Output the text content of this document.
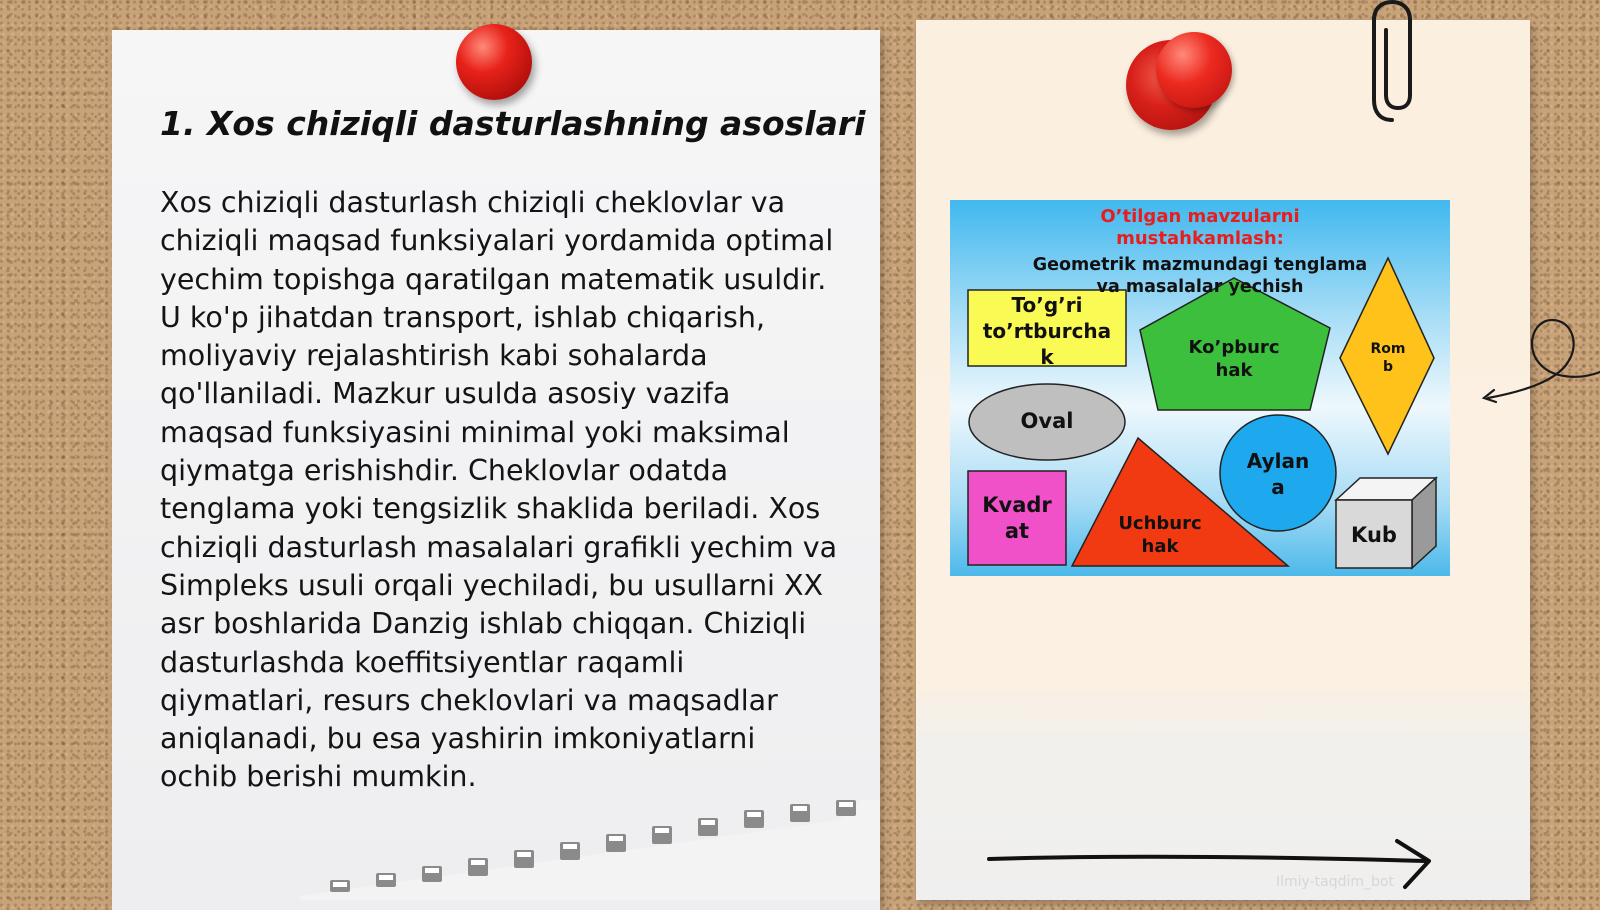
1. Xos chiziqli dasturlashning asoslari

Xos chiziqli dasturlash chiziqli cheklovlar va chiziqli maqsad funksiyalari yordamida optimal yechim topishga qaratilgan matematik usuldir. U ko'p jihatdan transport, ishlab chiqarish, moliyaviy rejalashtirish kabi sohalarda qo'llaniladi. Mazkur usulda asosiy vazifa maqsad funksiyasini minimal yoki maksimal qiymatga erishishdir. Cheklovlar odatda tenglama yoki tengsizlik shaklida beriladi. Xos chiziqli dasturlash masalalari grafikli yechim va Simpleks usuli orqali yechiladi, bu usullarni XX asr boshlarida Danzig ishlab chiqqan. Chiziqli dasturlashda koeffitsiyentlar raqamli qiymatlari, resurs cheklovlari va maqsadlar aniqlanadi, bu esa yashirin imkoniyatlarni ochib berishi mumkin.

O’tilgan mavzularni
mustahkamlash:

Geometrik mazmundagi tenglama
va masalalar yechish

To’g’ri
to’rtburcha
k	Ko’pburc
hak

Rom
b

Oval

Aylan
a

Kvadr
at	Uchburc
hak	Kub

Ilmiy-taqdim_bot
